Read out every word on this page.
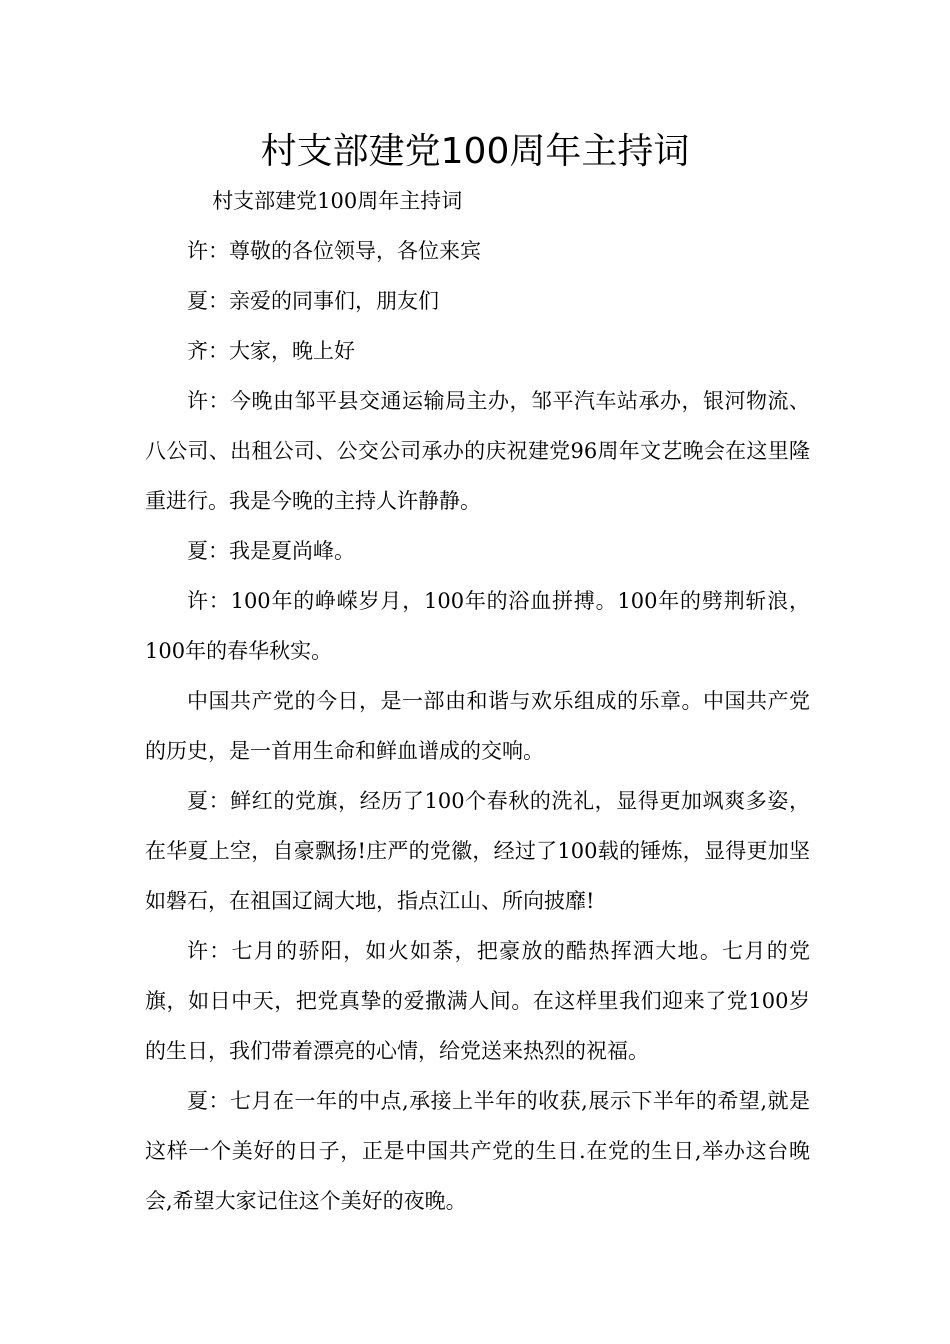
村支部建党100周年主持词

村支部建党100周年主持词

许：尊敬的各位领导，各位来宾

夏：亲爱的同事们，朋友们

齐：大家，晚上好

许：今晚由邹平县交通运输局主办，邹平汽车站承办，银河物流、八公司、出租公司、公交公司承办的庆祝建党96周年文艺晚会在这里隆重进行。我是今晚的主持人许静静。

夏：我是夏尚峰。

许：100年的峥嵘岁月，100年的浴血拼搏。100年的劈荆斩浪，100年的春华秋实。

中国共产党的今日，是一部由和谐与欢乐组成的乐章。中国共产党的历史，是一首用生命和鲜血谱成的交响。

夏：鲜红的党旗，经历了100个春秋的洗礼，显得更加飒爽多姿，在华夏上空，自豪飘扬!庄严的党徽，经过了100载的锤炼，显得更加坚如磐石，在祖国辽阔大地，指点江山、所向披靡!

许：七月的骄阳，如火如荼，把豪放的酷热挥洒大地。七月的党旗，如日中天，把党真挚的爱撒满人间。在这样里我们迎来了党100岁的生日，我们带着漂亮的心情，给党送来热烈的祝福。

夏：七月在一年的中点,承接上半年的收获,展示下半年的希望,就是这样一个美好的日子，正是中国共产党的生日.在党的生日,举办这台晚会,希望大家记住这个美好的夜晚。
